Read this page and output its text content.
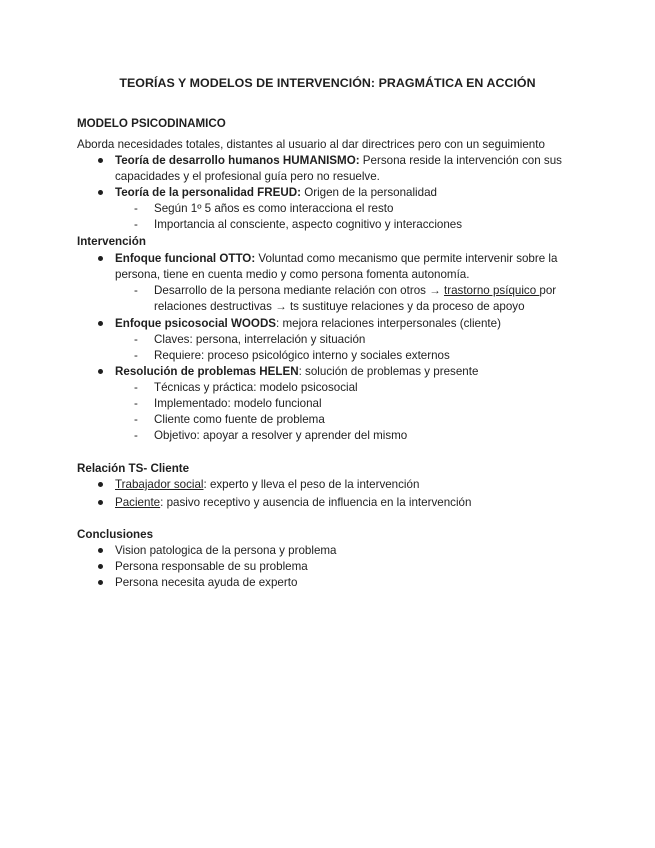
TEORÍAS Y MODELOS DE INTERVENCIÓN: PRAGMÁTICA EN ACCIÓN
MODELO PSICODINAMICO
Aborda necesidades totales, distantes al usuario al dar directrices pero con un seguimiento
Teoría de desarrollo humanos HUMANISMO: Persona reside la intervención con sus
capacidades y el profesional guía pero no resuelve.
Teoría de la personalidad FREUD: Origen de la personalidad
- Según 1º 5 años es como interacciona el resto
- Importancia al consciente, aspecto cognitivo y interacciones
Intervención
Enfoque funcional OTTO: Voluntad como mecanismo que permite intervenir sobre la
persona, tiene en cuenta medio y como persona fomenta autonomía.
- Desarrollo de la persona mediante relación con otros → trastorno psíquico por
relaciones destructivas → ts sustituye relaciones y da proceso de apoyo
Enfoque psicosocial WOODS: mejora relaciones interpersonales (cliente)
- Claves: persona, interrelación y situación
- Requiere: proceso psicológico interno y sociales externos
Resolución de problemas HELEN: solución de problemas y presente
- Técnicas y práctica: modelo psicosocial
- Implementado: modelo funcional
- Cliente como fuente de problema
- Objetivo: apoyar a resolver y aprender del mismo
Relación TS- Cliente
Trabajador social: experto y lleva el peso de la intervención
Paciente: pasivo receptivo y ausencia de influencia en la intervención
Conclusiones
Vision patologica de la persona y problema
Persona responsable de su problema
Persona necesita ayuda de experto
